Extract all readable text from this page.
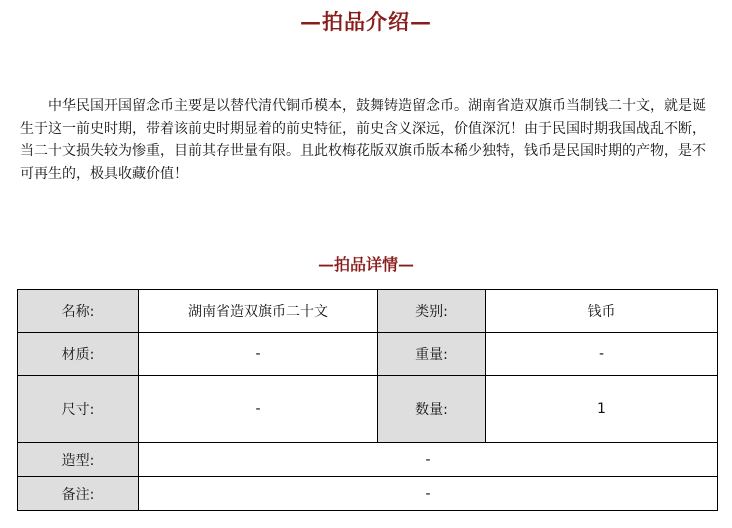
—拍品介绍—

中华民国开国留念币主要是以替代清代铜币模本，鼓舞铸造留念币。湖南省造双旗币当制钱二十文，就是诞生于这一前史时期，带着该前史时期显着的前史特征，前史含义深远，价值深沉！由于民国时期我国战乱不断，当二十文损失较为惨重，目前其存世量有限。且此枚梅花版双旗币版本稀少独特，钱币是民国时期的产物，是不可再生的，极具收藏价值！

—拍品详情—
名称:	湖南省造双旗币二十文	类别:	钱币
材质:	-	重量:	-
尺寸:	-	数量:	1
造型:	-		
备注:	-		
